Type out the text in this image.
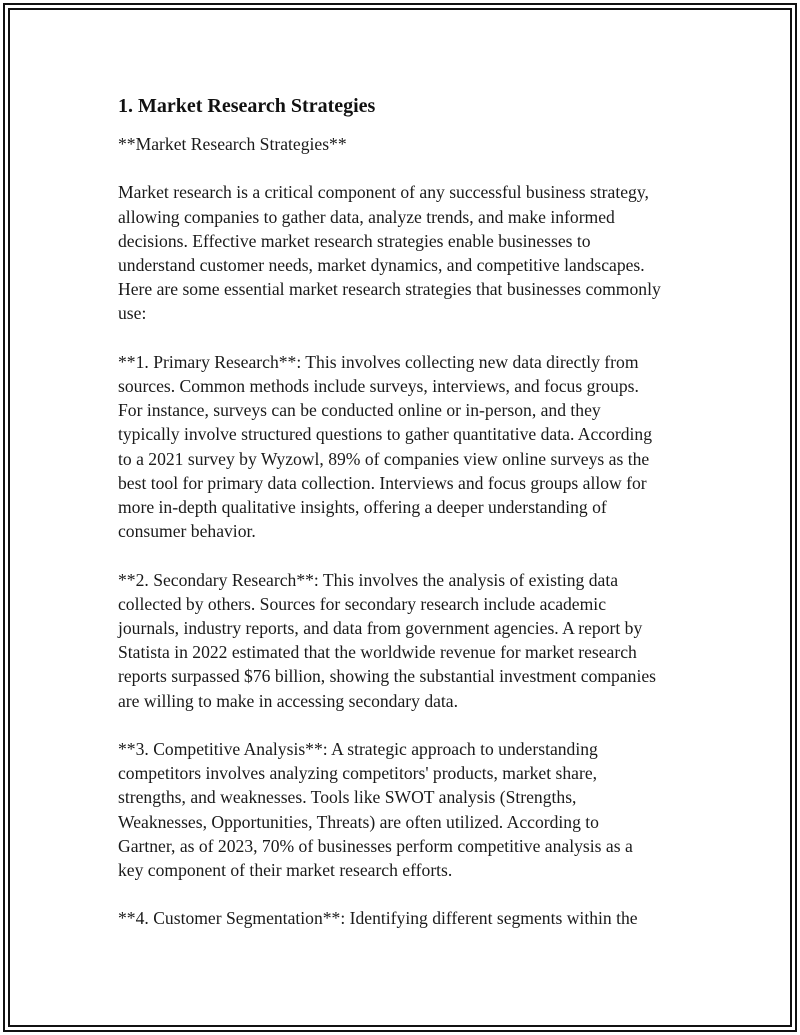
1. Market Research Strategies

**Market Research Strategies**

Market research is a critical component of any successful business strategy,
allowing companies to gather data, analyze trends, and make informed
decisions. Effective market research strategies enable businesses to
understand customer needs, market dynamics, and competitive landscapes.
Here are some essential market research strategies that businesses commonly
use:

**1. Primary Research**: This involves collecting new data directly from
sources. Common methods include surveys, interviews, and focus groups.
For instance, surveys can be conducted online or in-person, and they
typically involve structured questions to gather quantitative data. According
to a 2021 survey by Wyzowl, 89% of companies view online surveys as the
best tool for primary data collection. Interviews and focus groups allow for
more in-depth qualitative insights, offering a deeper understanding of
consumer behavior.

**2. Secondary Research**: This involves the analysis of existing data
collected by others. Sources for secondary research include academic
journals, industry reports, and data from government agencies. A report by
Statista in 2022 estimated that the worldwide revenue for market research
reports surpassed $76 billion, showing the substantial investment companies
are willing to make in accessing secondary data.

**3. Competitive Analysis**: A strategic approach to understanding
competitors involves analyzing competitors' products, market share,
strengths, and weaknesses. Tools like SWOT analysis (Strengths,
Weaknesses, Opportunities, Threats) are often utilized. According to
Gartner, as of 2023, 70% of businesses perform competitive analysis as a
key component of their market research efforts.

**4. Customer Segmentation**: Identifying different segments within the
